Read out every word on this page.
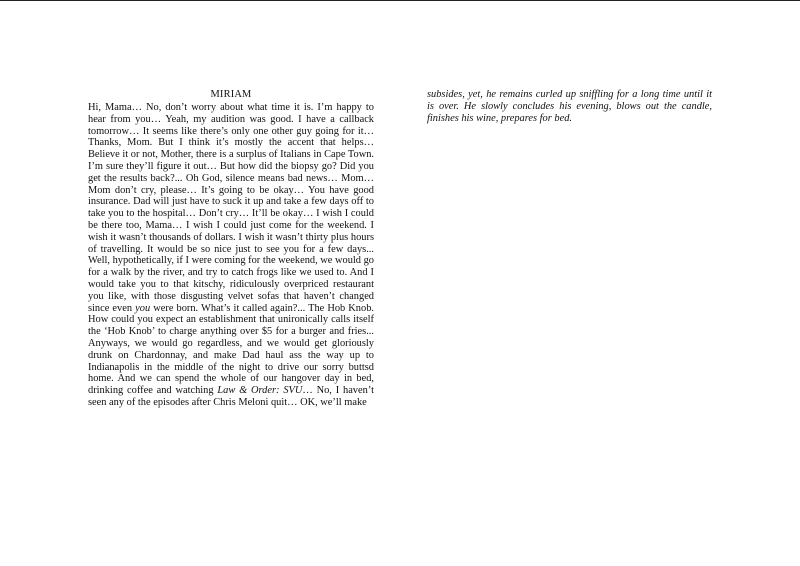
MIRIAM

Hi, Mama… No, don’t worry about what time it is. I’m happy to hear from you… Yeah, my audition was good. I have a callback tomorrow… It seems like there’s only one other guy going for it… Thanks, Mom. But I think it’s mostly the accent that helps… Believe it or not, Mother, there is a surplus of Italians in Cape Town. I’m sure they’ll figure it out… But how did the biopsy go? Did you get the results back?... Oh God, silence means bad news… Mom… Mom don’t cry, please… It’s going to be okay… You have good insurance. Dad will just have to suck it up and take a few days off to take you to the hospital… Don’t cry… It’ll be okay… I wish I could be there too, Mama… I wish I could just come for the weekend. I wish it wasn’t thousands of dollars. I wish it wasn’t thirty plus hours of travelling. It would be so nice just to see you for a few days... Well, hypothetically, if I were coming for the weekend, we would go for a walk by the river, and try to catch frogs like we used to. And I would take you to that kitschy, ridiculously overpriced restaurant you like, with those disgusting velvet sofas that haven’t changed since even you were born. What’s it called again?... The Hob Knob. How could you expect an establishment that unironically calls itself the ‘Hob Knob’ to charge anything over $5 for a burger and fries... Anyways, we would go regardless, and we would get gloriously drunk on Chardonnay, and make Dad haul ass the way up to Indianapolis in the middle of the night to drive our sorry buttsd home. And we can spend the whole of our hangover day in bed, drinking coffee and watching Law & Order: SVU… No, I haven’t seen any of the episodes after Chris Meloni quit… OK, we’ll make

subsides, yet, he remains curled up sniffling for a long time until it is over. He slowly concludes his evening, blows out the candle, finishes his wine, prepares for bed.
